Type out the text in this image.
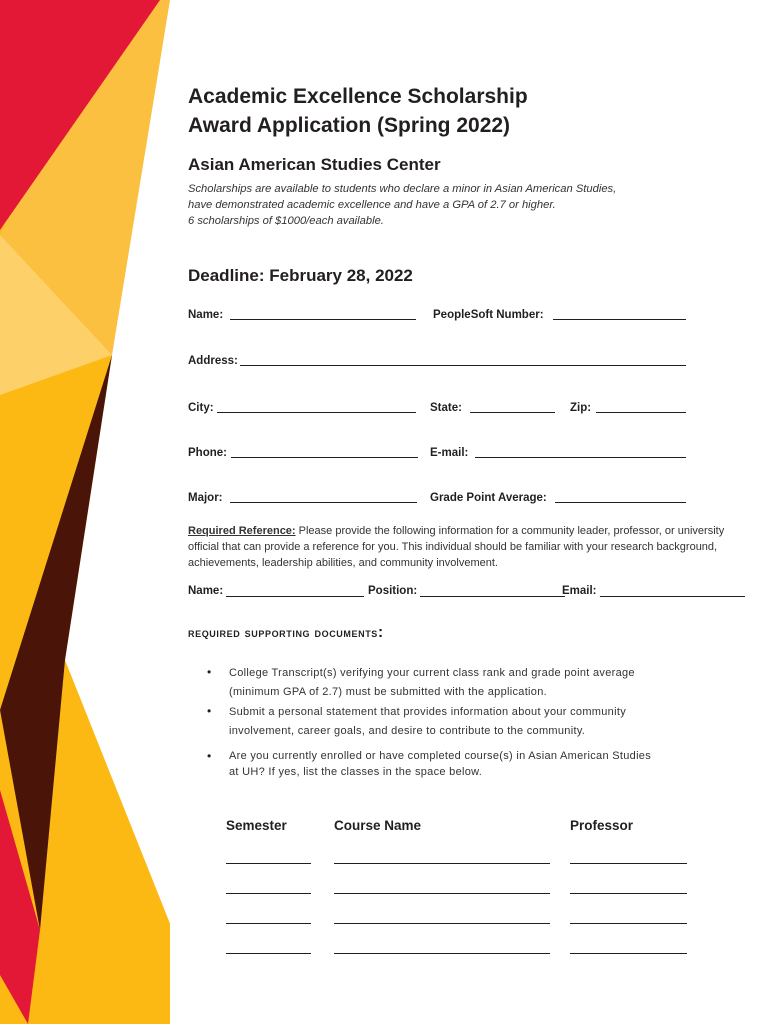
Academic Excellence Scholarship
Award Application (Spring 2022)
Asian American Studies Center
Scholarships are available to students who declare a minor in Asian American Studies,
have demonstrated academic excellence and have a GPA of 2.7 or higher.
6 scholarships of $1000/each available.
Deadline: February 28, 2022
Name:	PeopleSoft Number:
Address:
City:	State:	Zip:
Phone:	E-mail:
Major:	Grade Point Average:
Required Reference: Please provide the following information for a community leader, professor, or university official that can provide a reference for you. This individual should be familiar with your research background, achievements, leadership abilities, and community involvement.
Name:	Position:	Email:
required supporting documents:
• College Transcript(s) verifying your current class rank and grade point average
(minimum GPA of 2.7) must be submitted with the application.
• Submit a personal statement that provides information about your community
involvement, career goals, and desire to contribute to the community.
• Are you currently enrolled or have completed course(s) in Asian American Studies
at UH? If yes, list the classes in the space below.
Semester	Course Name	Professor
